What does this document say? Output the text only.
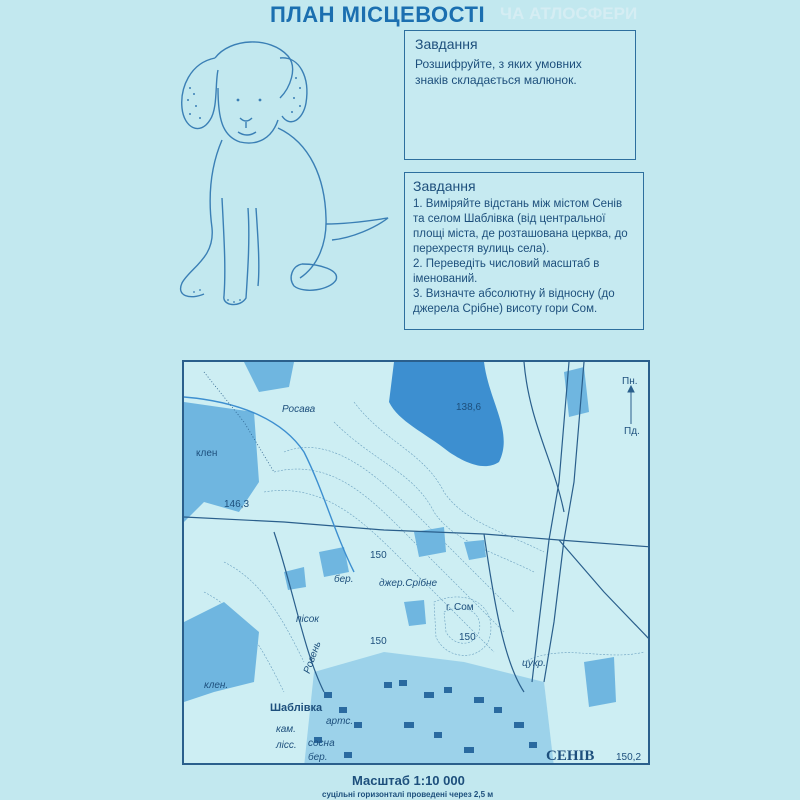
ЧА АТЛОСФЕРИ
ПЛАН МІСЦЕВОСТІ
Завдання

Розшифруйте, з яких умовних знаків складається малюнок.

Завдання

1. Виміряйте відстань між містом Сенів та селом Шаблівка (від центральної площі міста, де розташована церква, до перехрестя вулиць села).

2. Переведіть числовий масштаб в іменований.

3. Визначте абсолютну й відносну (до джерела Срібне) висоту гори Сом.

Росава
клен
138,6
146,3
150
150	150
бер.	джер.Срібне
г. Сом
пісок
Ровень
клен.
Шаблівка
артс.
кам.
лісс. сосна
бер.
цукр.
СЕНІВ 150,2
Пн.
Пд.
Масштаб 1:10 000
суцільні горизонталі проведені через 2,5 м
